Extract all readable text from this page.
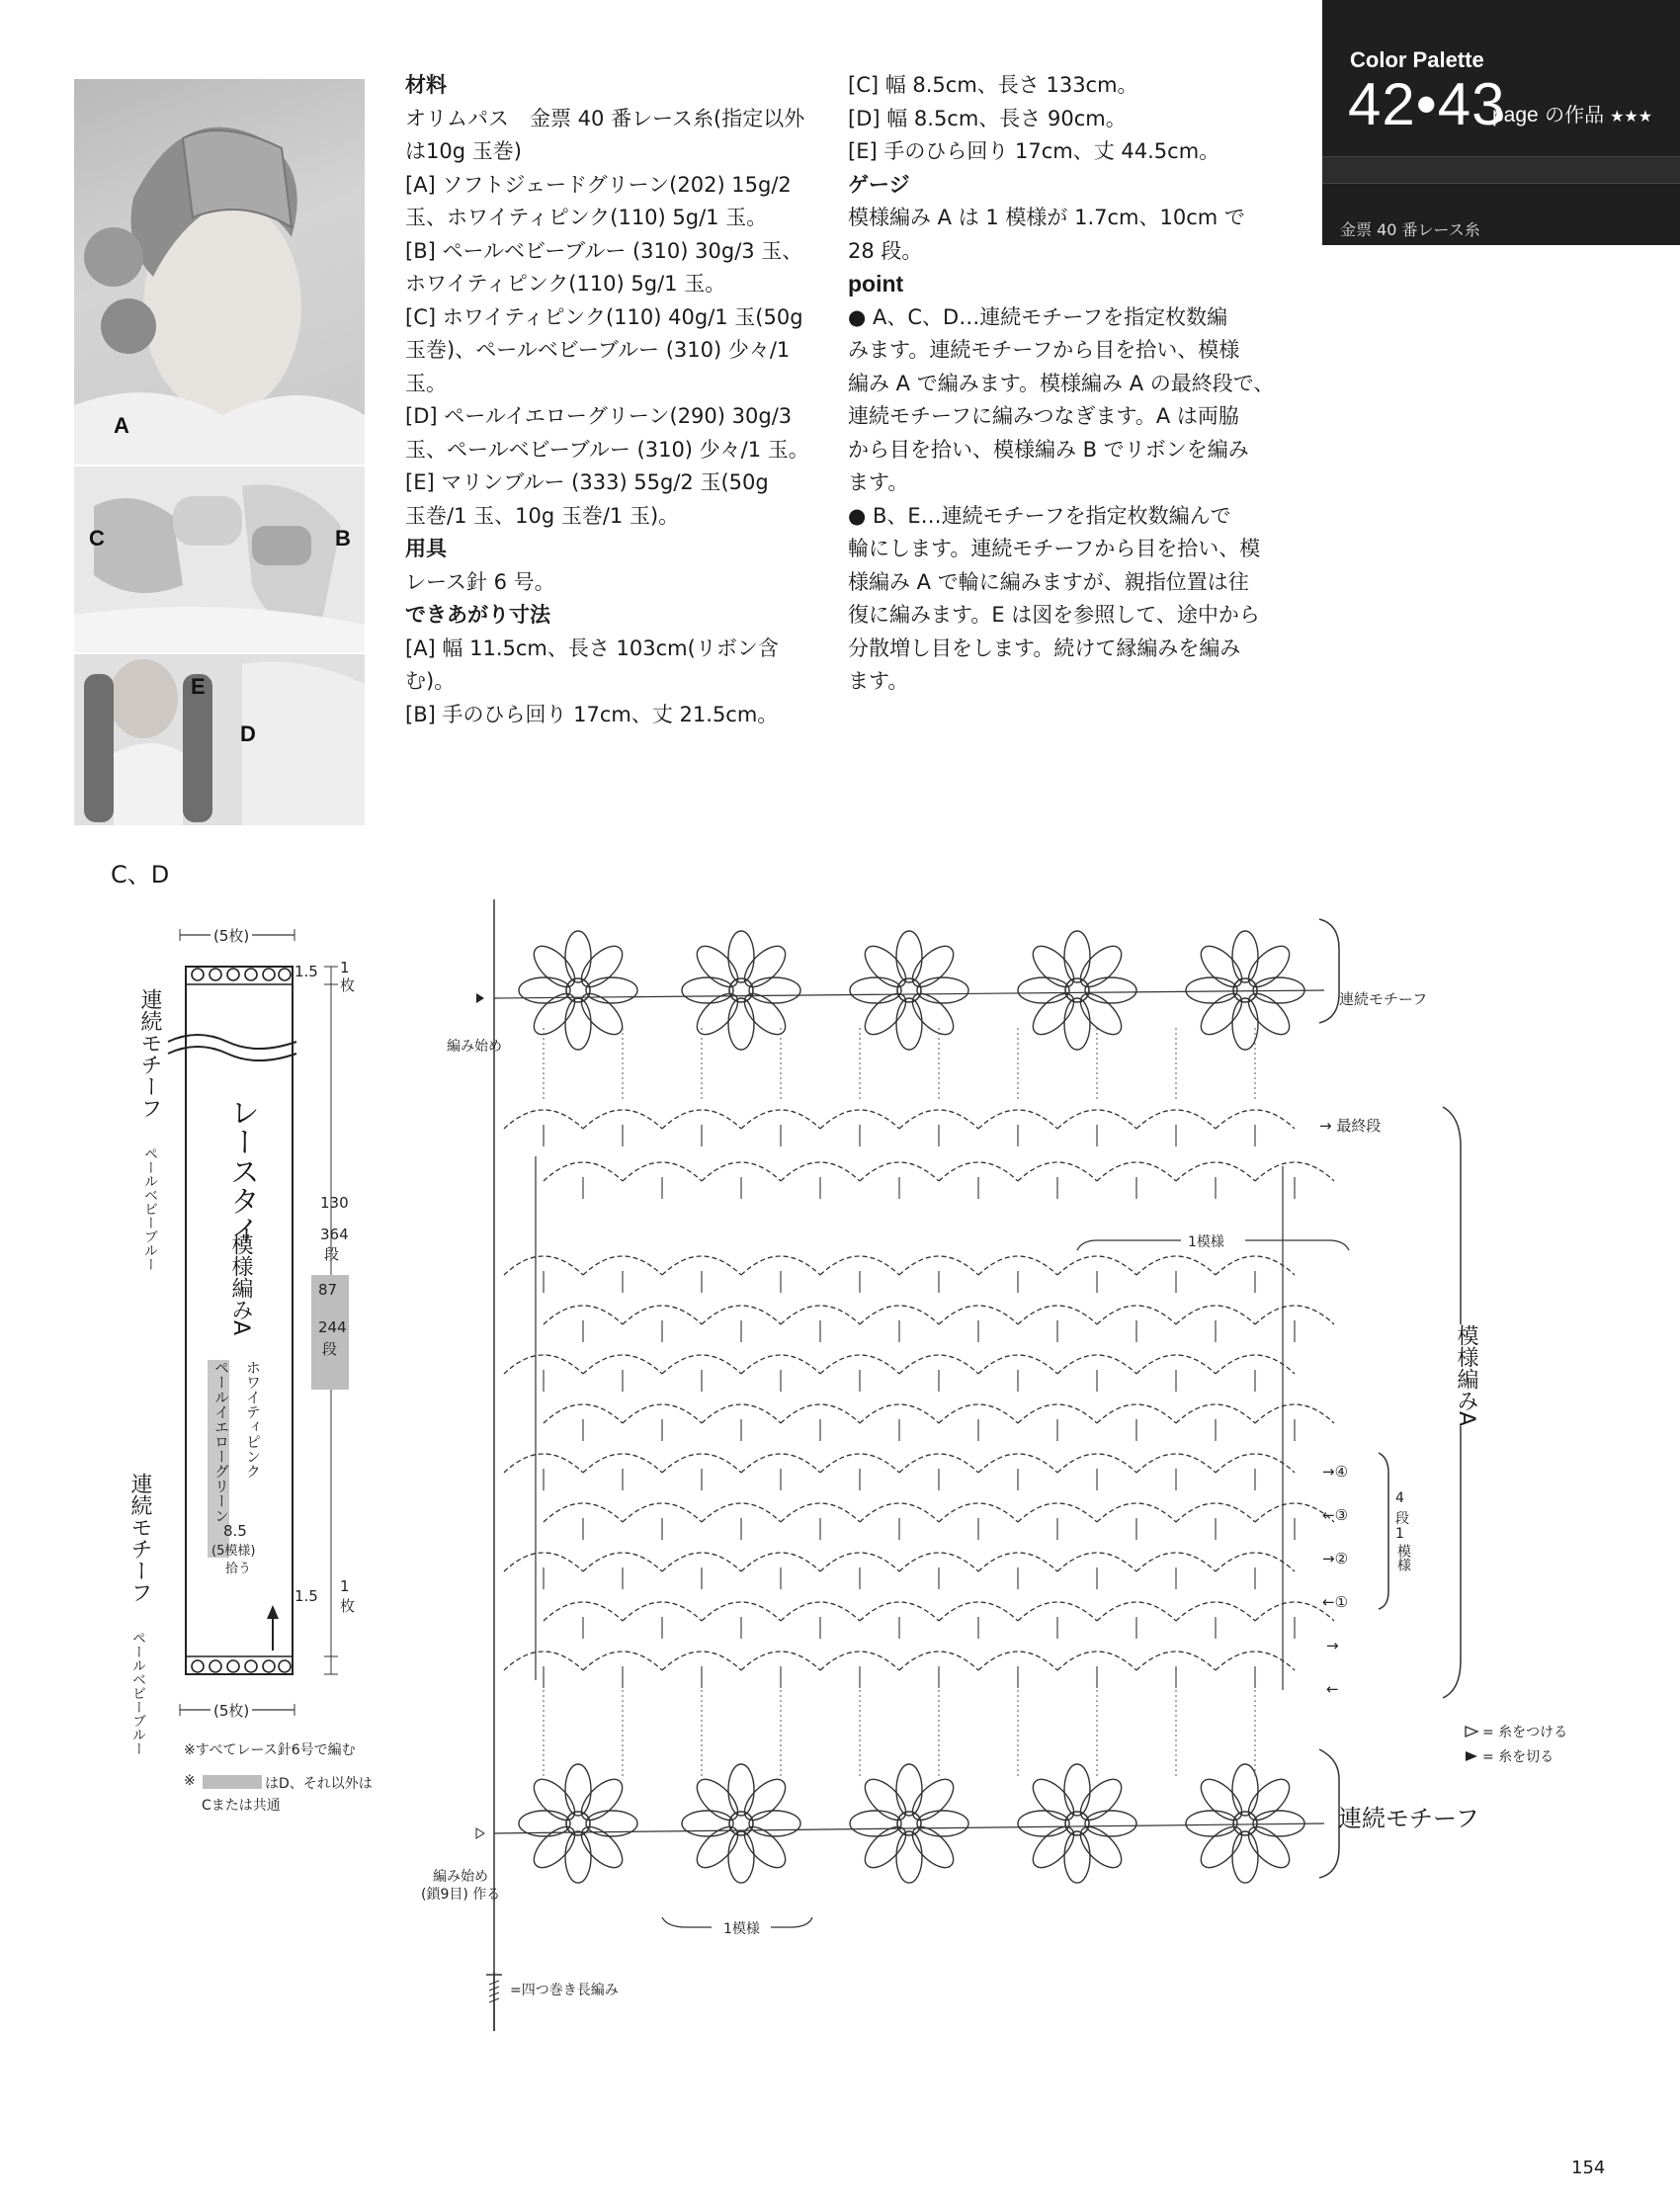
Color Palette
42•43
page の作品 ★★★
金票 40 番レース糸
A
C	B
E
D

材料

オリムパス　金票 40 番レース糸(指定以外

は10g 玉巻)

[A] ソフトジェードグリーン(202) 15g/2

玉、ホワイティピンク(110) 5g/1 玉。

[B] ペールベビーブルー (310) 30g/3 玉、

ホワイティピンク(110) 5g/1 玉。

[C] ホワイティピンク(110) 40g/1 玉(50g

玉巻)、ペールベビーブルー (310) 少々/1

玉。

[D] ペールイエローグリーン(290) 30g/3

玉、ペールベビーブルー (310) 少々/1 玉。

[E] マリンブルー (333) 55g/2 玉(50g

玉巻/1 玉、10g 玉巻/1 玉)。

用具

レース針 6 号。

できあがり寸法

[A] 幅 11.5cm、長さ 103cm(リボン含む)。

[B] 手のひら回り 17cm、丈 21.5cm。

[C] 幅 8.5cm、長さ 133cm。

[D] 幅 8.5cm、長さ 90cm。

[E] 手のひら回り 17cm、丈 44.5cm。

ゲージ

模様編み A は 1 模様が 1.7cm、10cm で

28 段。

point

● A、C、D…連続モチーフを指定枚数編

みます。連続モチーフから目を拾い、模様

編み A で編みます。模様編み A の最終段で、

連続モチーフに編みつなぎます。A は両脇

から目を拾い、模様編み B でリボンを編み

ます。

● B、E…連続モチーフを指定枚数編んで

輪にします。連続モチーフから目を拾い、模

様編み A で輪に編みますが、親指位置は往

復に編みます。E は図を参照して、途中から

分散増し目をします。続けて縁編みを編み

ます。

C、D
(5枚)
1.5 1
枚
130
364
段
87
244
段
レースタイ
模様編みA
ホワイティピンク
ペールイエローグリーン
8.5
(5模様)
拾う
1.5
1
枚
連続モチーフ
ペールベビーブルー
連続モチーフ
ペールベビーブルー	(5枚)
※すべてレース針6号で編む
※	はD、それ以外は
Cまたは共通
連続モチーフ
編み始め
→ 最終段
1模様
模様編みA
→④
←③
→②
←①
→
←
4
段
1
模様
= 糸をつける
= 糸を切る
連続モチーフ
編み始め
(鎖9目) 作る
1模様
=四つ巻き長編み
154
